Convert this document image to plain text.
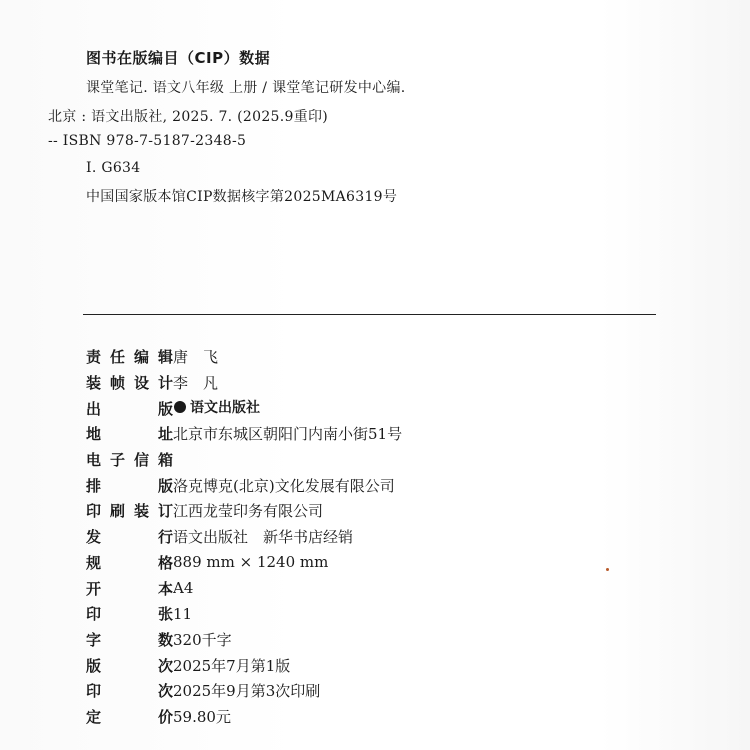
图书在版编目（CIP）数据
课堂笔记. 语文八年级 上册 / 课堂笔记研发中心编.
北京 : 语文出版社, 2025. 7. (2025.9重印)
-- ISBN 978-7-5187-2348-5
Ⅰ. G634
中国国家版本馆CIP数据核字第2025MA6319号
责 任 编 辑 唐　飞
装 帧 设 计 李　凡
出	版 语文出版社
地	址 北京市东城区朝阳门内南小街51号
电 子 信 箱
排	版 洛克博克(北京)文化发展有限公司
印 刷 装 订 江西龙莹印务有限公司
发	行 语文出版社　新华书店经销
规	格 889 mm × 1240 mm
开	本 A4
印	张 11
字	数 320千字
版	次 2025年7月第1版
印	次 2025年9月第3次印刷
定	价 59.80元
